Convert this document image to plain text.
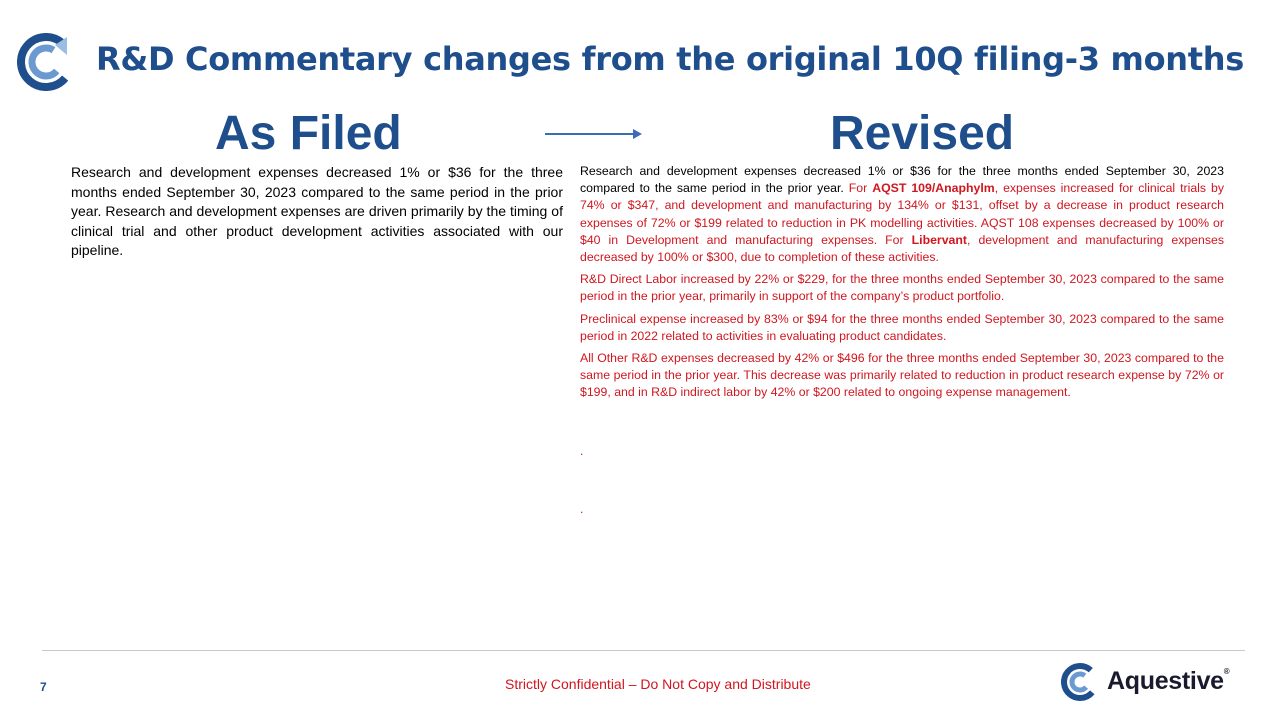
R&D Commentary changes from the original 10Q filing-3 months
As Filed	Revised
Research and development expenses decreased 1% or $36 for the three months ended September 30, 2023 compared to the same period in the prior year. Research and development expenses are driven primarily by the timing of clinical trial and other product development activities associated with our pipeline.

Research and development expenses decreased 1% or $36 for the three months ended September 30, 2023 compared to the same period in the prior year. For AQST 109/Anaphylm, expenses increased for clinical trials by 74% or $347, and development and manufacturing by 134% or $131, offset by a decrease in product research expenses of 72% or $199 related to reduction in PK modelling activities. AQST 108 expenses decreased by 100% or $40 in Development and manufacturing expenses. For Libervant, development and manufacturing expenses decreased by 100% or $300, due to completion of these activities.

R&D Direct Labor increased by 22% or $229, for the three months ended September 30, 2023 compared to the same period in the prior year, primarily in support of the company’s product portfolio.

Preclinical expense increased by 83% or $94 for the three months ended September 30, 2023 compared to the same period in 2022 related to activities in evaluating product candidates.

All Other R&D expenses decreased by 42% or $496 for the three months ended September 30, 2023 compared to the same period in the prior year. This decrease was primarily related to reduction in product research expense by 72% or $199, and in R&D indirect labor by 42% or $200 related to ongoing expense management.

.
.
7	Strictly Confidential – Do Not Copy and Distribute	Aquestive®
